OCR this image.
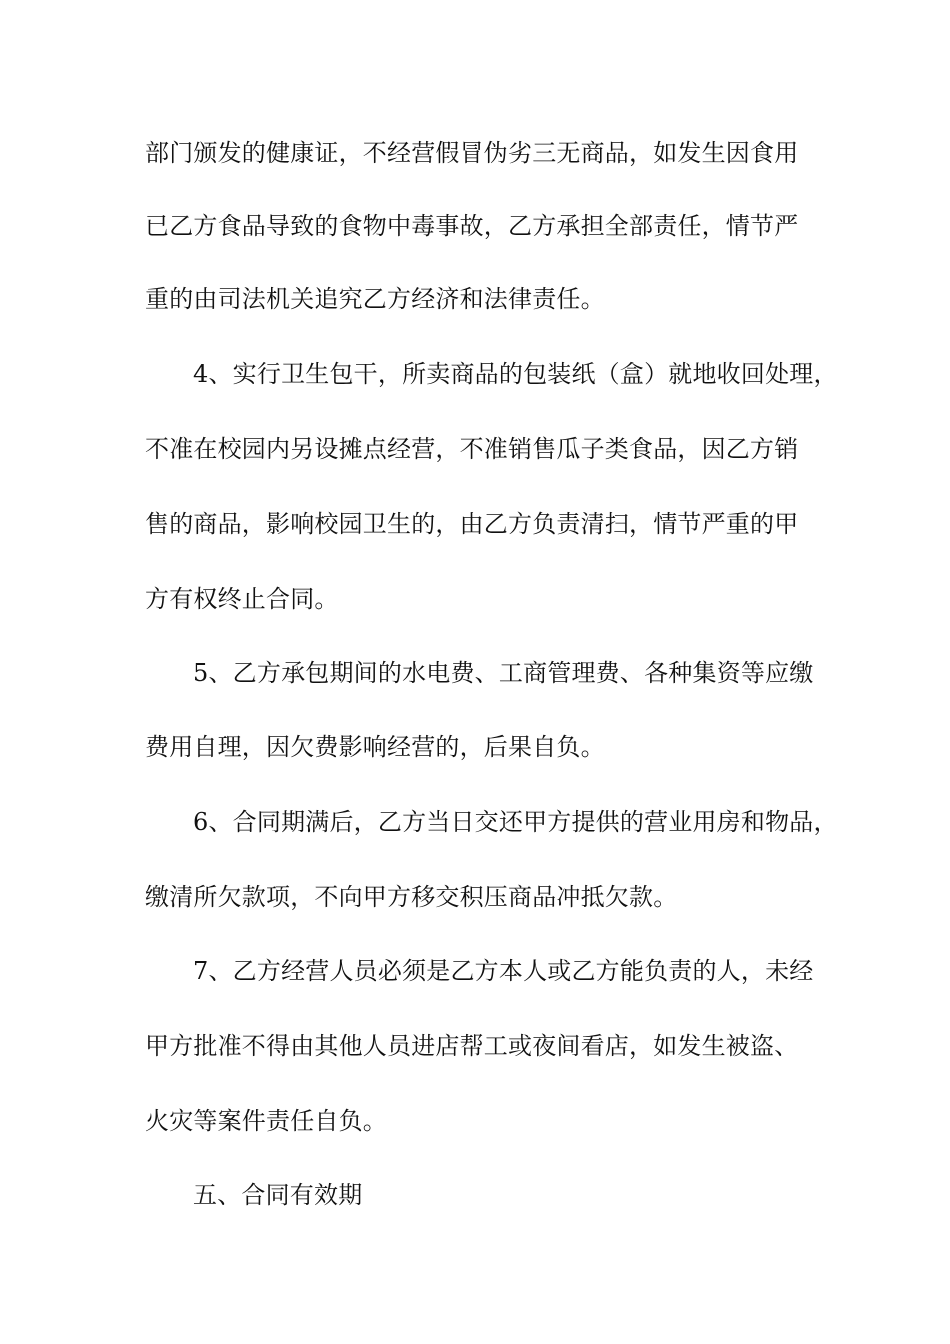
部门颁发的健康证，不经营假冒伪劣三无商品，如发生因食用
已乙方食品导致的食物中毒事故，乙方承担全部责任，情节严
重的由司法机关追究乙方经济和法律责任。
4、实行卫生包干，所卖商品的包装纸（盒）就地收回处理，
不准在校园内另设摊点经营，不准销售瓜子类食品，因乙方销
售的商品，影响校园卫生的，由乙方负责清扫，情节严重的甲
方有权终止合同。
5、乙方承包期间的水电费、工商管理费、各种集资等应缴
费用自理，因欠费影响经营的，后果自负。
6、合同期满后，乙方当日交还甲方提供的营业用房和物品，
缴清所欠款项，不向甲方移交积压商品冲抵欠款。
7、乙方经营人员必须是乙方本人或乙方能负责的人，未经
甲方批准不得由其他人员进店帮工或夜间看店，如发生被盗、
火灾等案件责任自负。
五、合同有效期
